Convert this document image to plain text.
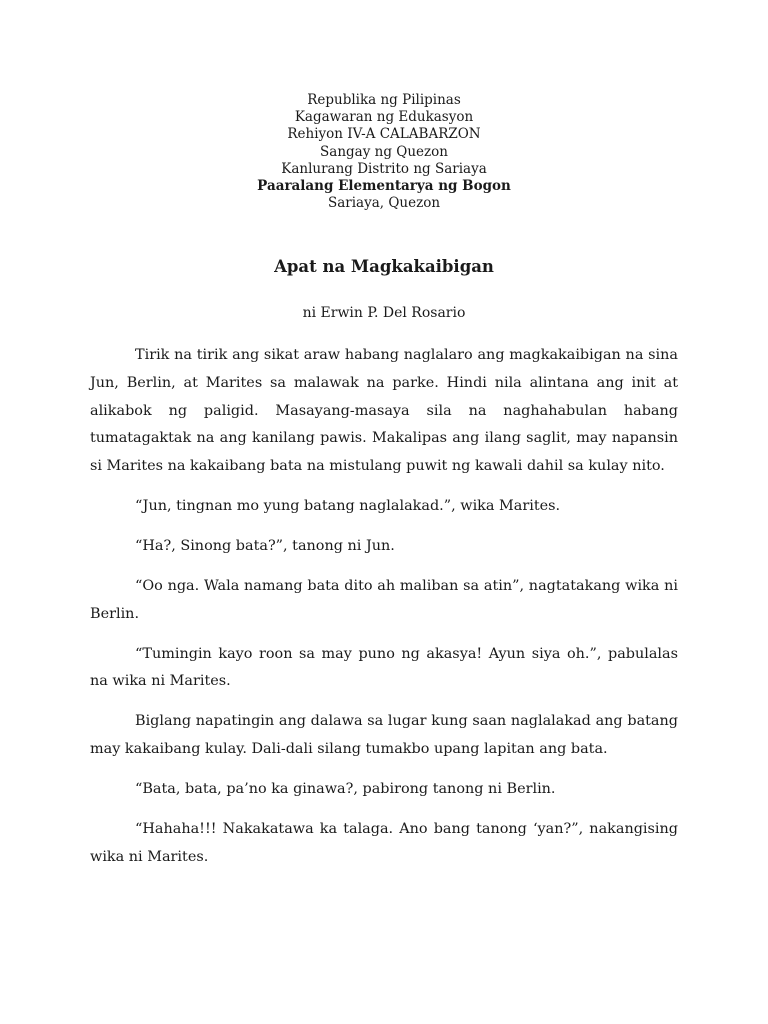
Republika ng Pilipinas
Kagawaran ng Edukasyon
Rehiyon IV-A CALABARZON
Sangay ng Quezon
Kanlurang Distrito ng Sariaya
Paaralang Elementarya ng Bogon
Sariaya, Quezon
Apat na Magkakaibigan
ni Erwin P. Del Rosario

Tirik na tirik ang sikat araw habang naglalaro ang magkakaibigan na sina Jun, Berlin, at Marites sa malawak na parke. Hindi nila alintana ang init at alikabok ng paligid. Masayang-masaya sila na naghahabulan habang tumatagaktak na ang kanilang pawis. Makalipas ang ilang saglit, may napansin si Marites na kakaibang bata na mistulang puwit ng kawali dahil sa kulay nito.

“Jun, tingnan mo yung batang naglalakad.”, wika Marites.

“Ha?, Sinong bata?”, tanong ni Jun.

“Oo nga. Wala namang bata dito ah maliban sa atin”, nagtatakang wika ni Berlin.

“Tumingin kayo roon sa may puno ng akasya! Ayun siya oh.”, pabulalas na wika ni Marites.

Biglang napatingin ang dalawa sa lugar kung saan naglalakad ang batang may kakaibang kulay. Dali-dali silang tumakbo upang lapitan ang bata.

“Bata, bata, pa’no ka ginawa?, pabirong tanong ni Berlin.

“Hahaha!!! Nakakatawa ka talaga. Ano bang tanong ‘yan?”, nakangising wika ni Marites.
